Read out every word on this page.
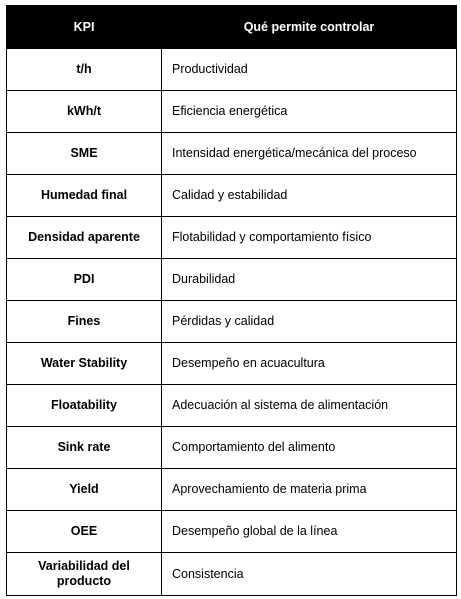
KPI	Qué permite controlar
t/h	Productividad
kWh/t	Eficiencia energética
SME	Intensidad energética/mecánica del proceso
Humedad final	Calidad y estabilidad
Densidad aparente	Flotabilidad y comportamiento físico
PDI	Durabilidad
Fines	Pérdidas y calidad
Water Stability	Desempeño en acuacultura
Floatability	Adecuación al sistema de alimentación
Sink rate	Comportamiento del alimento
Yield	Aprovechamiento de materia prima
OEE	Desempeño global de la línea
Variabilidad del producto	Consistencia
